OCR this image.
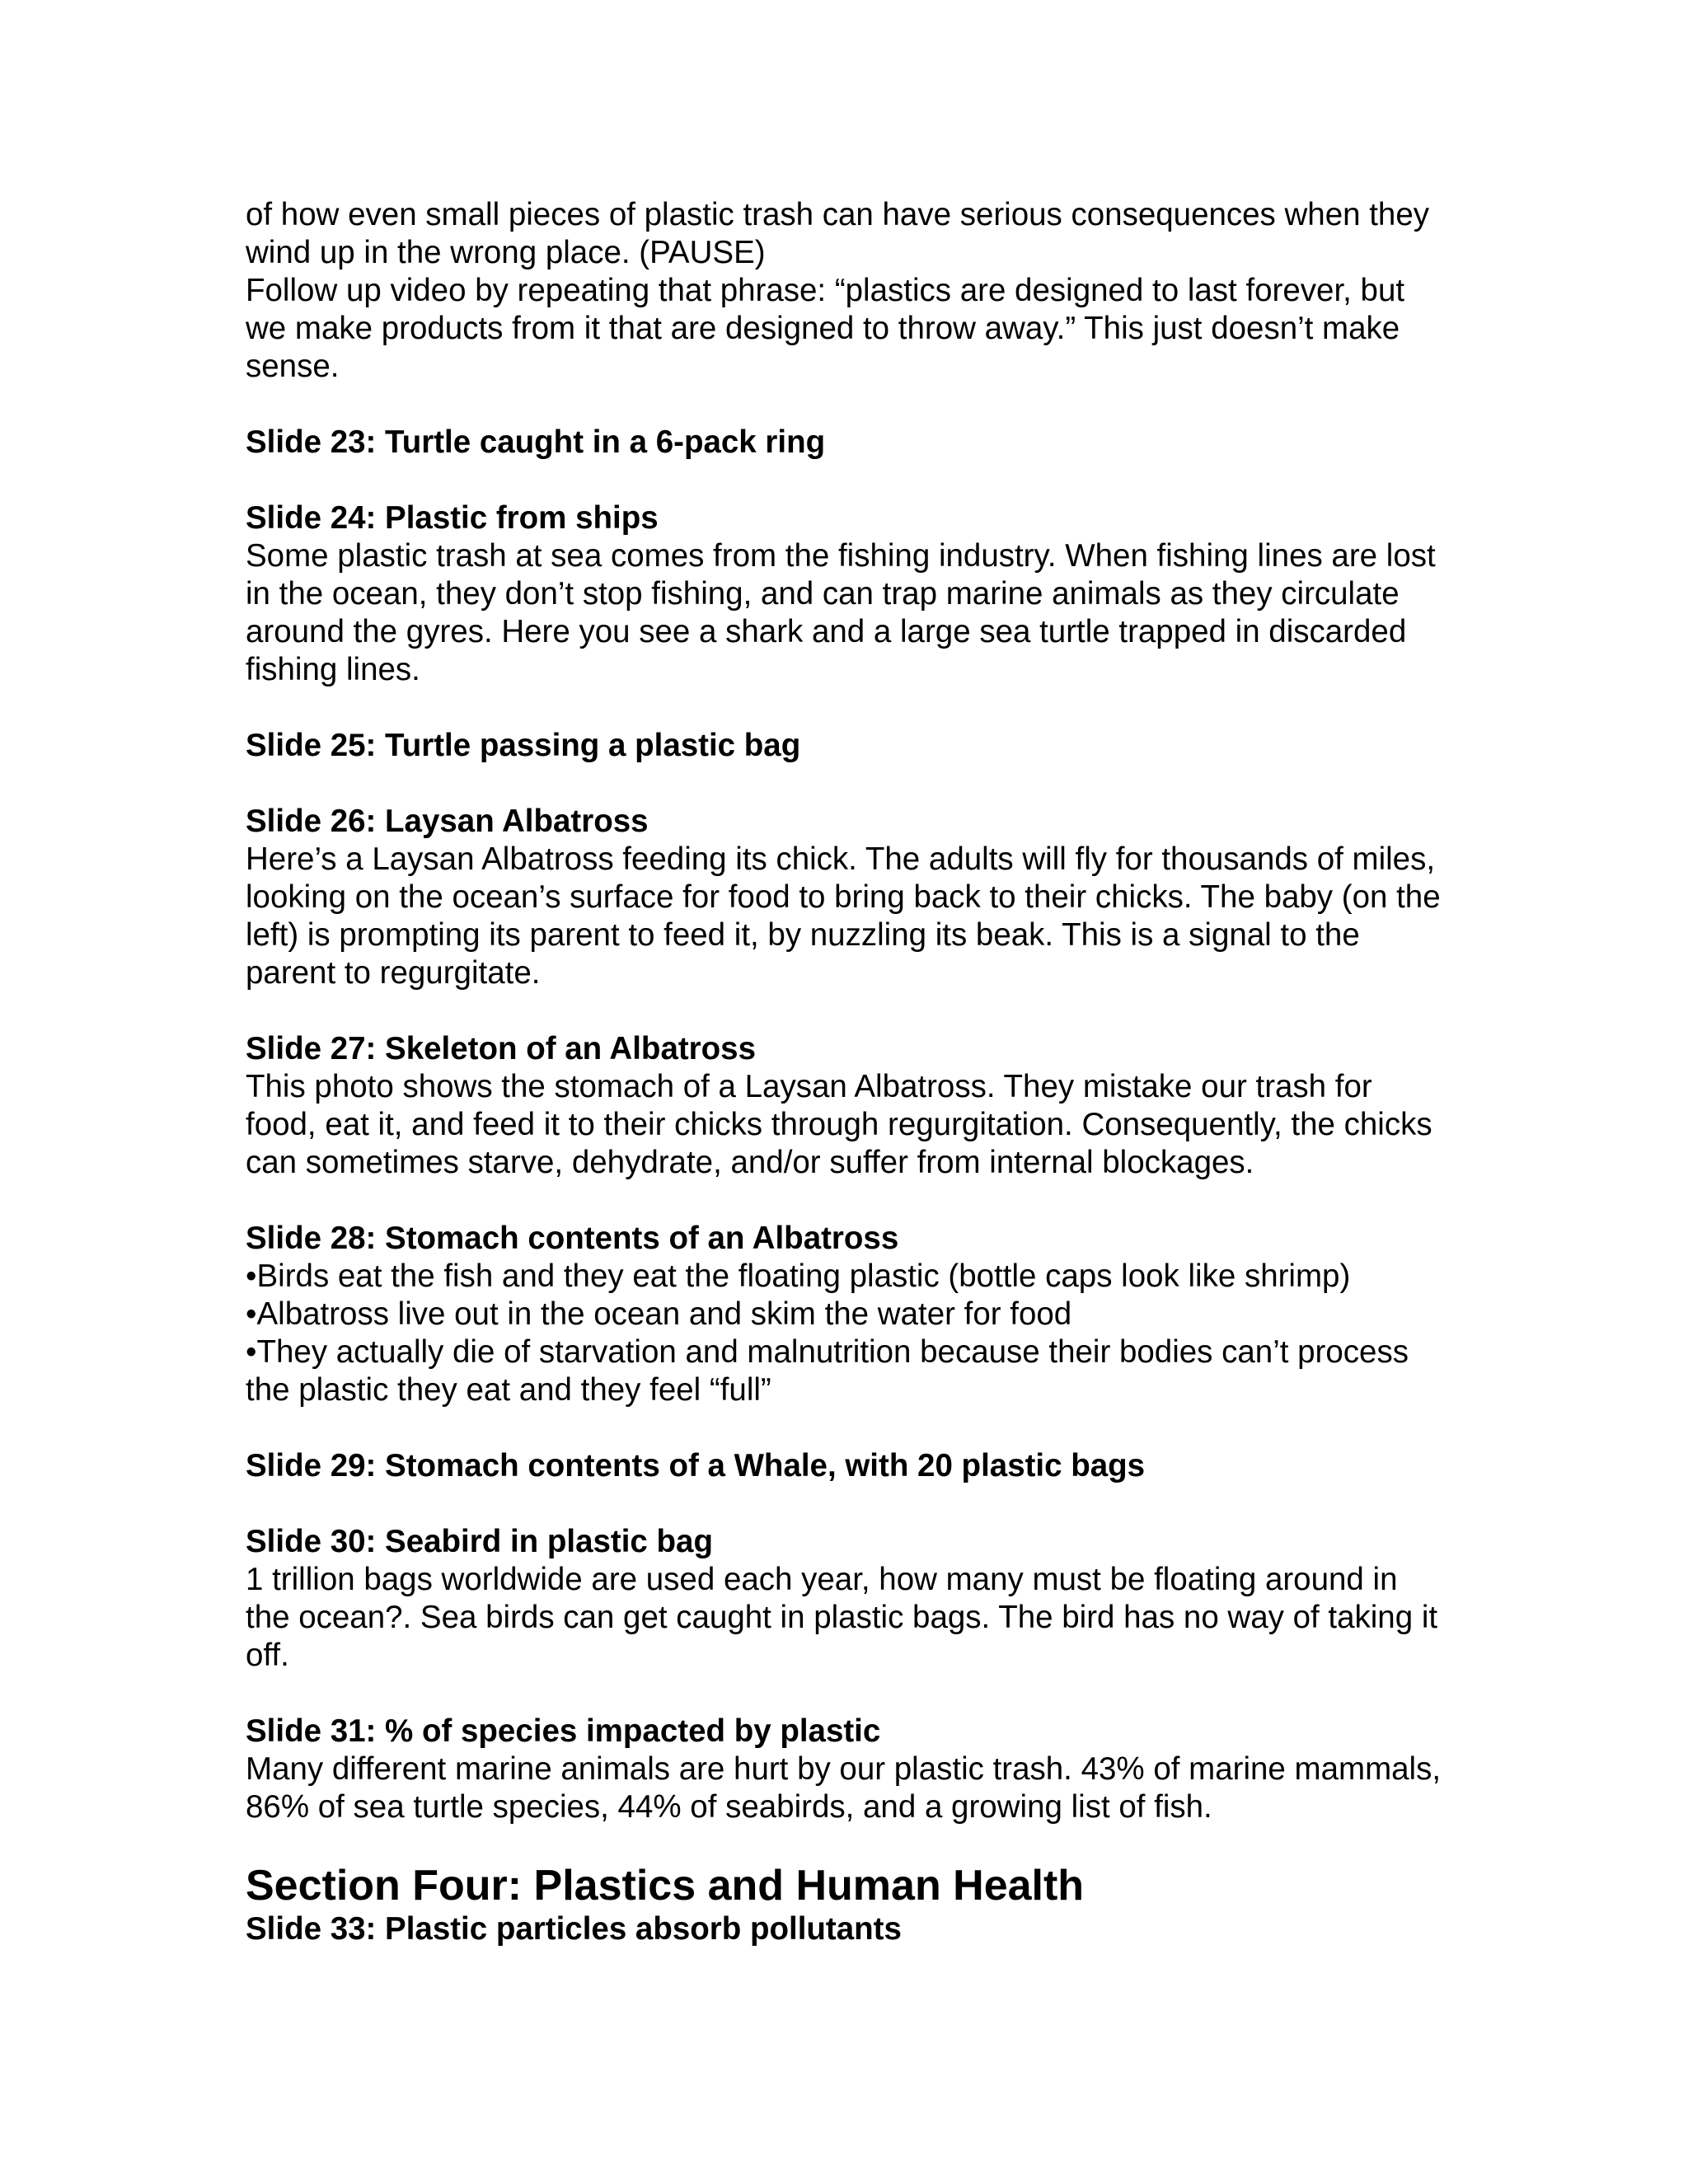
of how even small pieces of plastic trash can have serious consequences when they wind up in the wrong place. (PAUSE)

Follow up video by repeating that phrase: “plastics are designed to last forever, but we make products from it that are designed to throw away.” This just doesn’t make sense.

Slide 23: Turtle caught in a 6-pack ring

Slide 24: Plastic from ships

Some plastic trash at sea comes from the fishing industry. When fishing lines are lost in the ocean, they don’t stop fishing, and can trap marine animals as they circulate around the gyres. Here you see a shark and a large sea turtle trapped in discarded fishing lines.

Slide 25: Turtle passing a plastic bag

Slide 26: Laysan Albatross

Here’s a Laysan Albatross feeding its chick. The adults will fly for thousands of miles, looking on the ocean’s surface for food to bring back to their chicks. The baby (on the left) is prompting its parent to feed it, by nuzzling its beak. This is a signal to the parent to regurgitate.

Slide 27: Skeleton of an Albatross

This photo shows the stomach of a Laysan Albatross. They mistake our trash for food, eat it, and feed it to their chicks through regurgitation. Consequently, the chicks can sometimes starve, dehydrate, and/or suffer from internal blockages.

Slide 28: Stomach contents of an Albatross

•Birds eat the fish and they eat the floating plastic (bottle caps look like shrimp)
•Albatross live out in the ocean and skim the water for food
•They actually die of starvation and malnutrition because their bodies can’t process the plastic they eat and they feel “full”

Slide 29: Stomach contents of a Whale, with 20 plastic bags

Slide 30: Seabird in plastic bag

1 trillion bags worldwide are used each year, how many must be floating around in the ocean?. Sea birds can get caught in plastic bags. The bird has no way of taking it off.

Slide 31: % of species impacted by plastic

Many different marine animals are hurt by our plastic trash. 43% of marine mammals, 86% of sea turtle species, 44% of seabirds, and a growing list of fish.

Section Four: Plastics and Human Health

Slide 33: Plastic particles absorb pollutants
